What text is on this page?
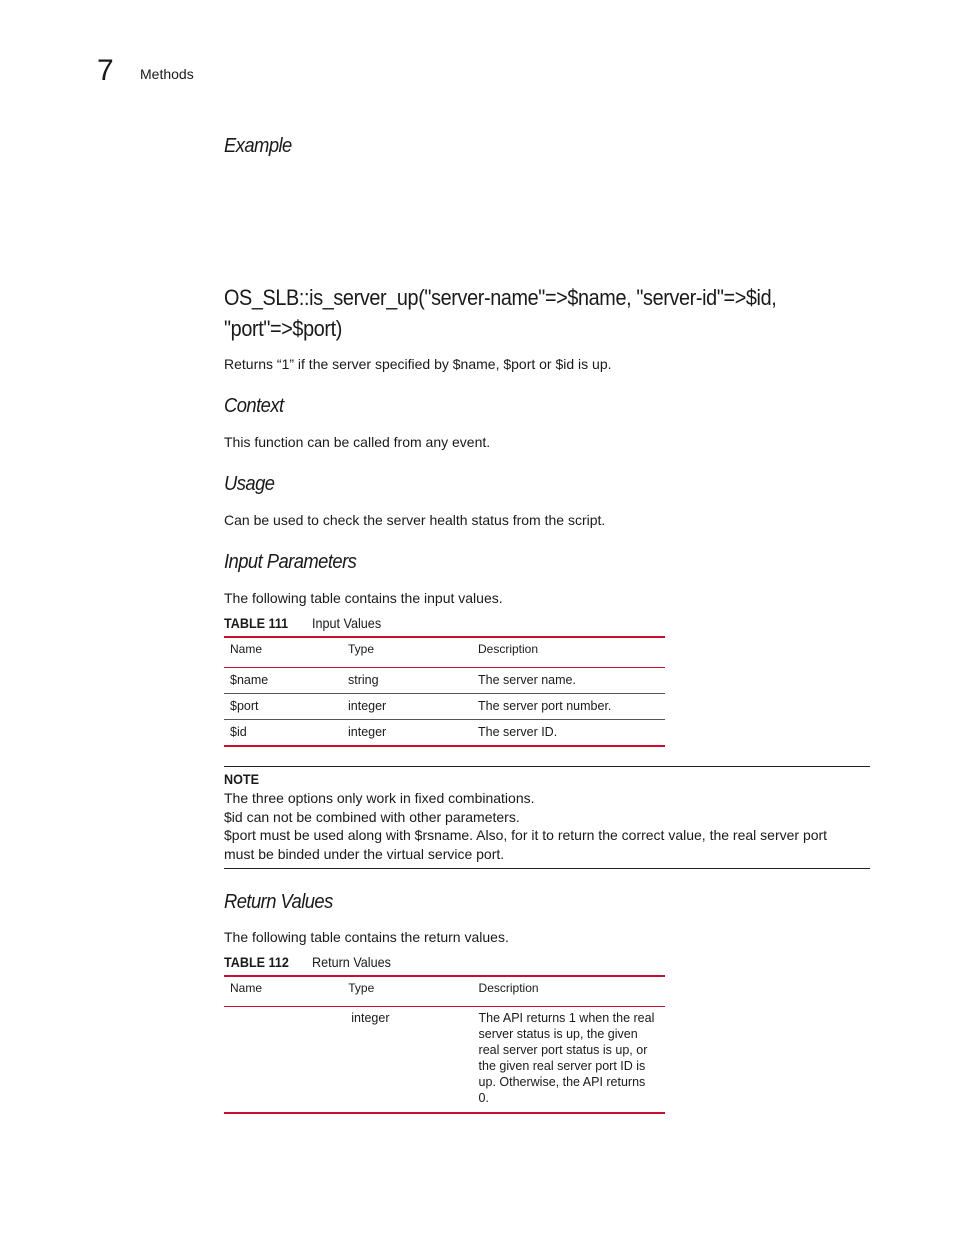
7 Methods
Example
OS_SLB::is_server_up("server-name"=>$name, "server-id"=>$id,
"port"=>$port)
Returns “1” if the server specified by $name, $port or $id is up.
Context
This function can be called from any event.
Usage
Can be used to check the server health status from the script.
Input Parameters
The following table contains the input values.
TABLE 111 Input Values
Name	Type	Description
$name	string	The server name.
$port	integer	The server port number.
$id	integer	The server ID.
NOTE
The three options only work in fixed combinations.
$id can not be combined with other parameters.
$port must be used along with $rsname. Also, for it to return the correct value, the real server port
must be binded under the virtual service port.
Return Values
The following table contains the return values.
TABLE 112 Return Values
Name	Type	Description
	integer	The API returns 1 when the real server status is up, the given real server port status is up, or the given real server port ID is up. Otherwise, the API returns 0.
